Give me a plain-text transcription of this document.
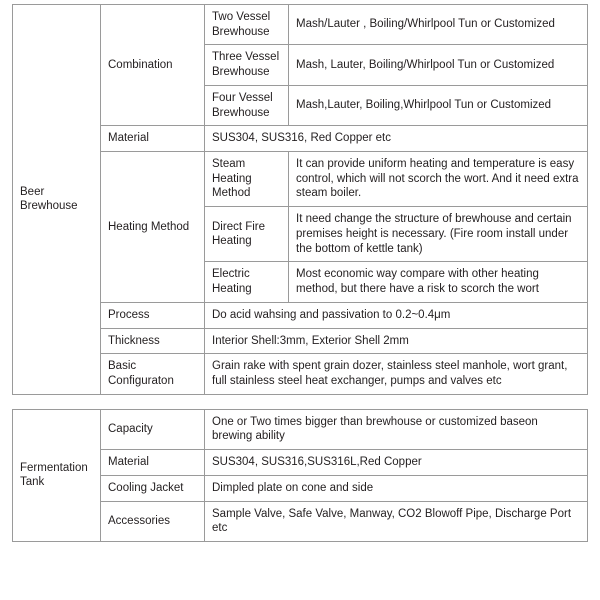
Beer Brewhouse	Combination	Two Vessel Brewhouse	Mash/Lauter , Boiling/Whirlpool Tun or Customized
		Three Vessel Brewhouse	Mash, Lauter, Boiling/Whirlpool Tun or Customized
		Four Vessel Brewhouse	Mash,Lauter, Boiling,Whirlpool Tun or Customized
	Material	SUS304, SUS316, Red Copper etc	
	Heating Method	Steam Heating Method	It can provide uniform heating and temperature is easy control, which will not scorch the wort. And it need extra steam boiler.
		Direct Fire Heating	It need change the structure of brewhouse and certain premises height is necessary. (Fire room install under the bottom of kettle tank)
		Electric Heating	Most economic way compare with other heating method, but there have a risk to scorch the wort
	Process	Do acid wahsing and passivation to 0.2~0.4μm	
	Thickness	Interior Shell:3mm, Exterior Shell 2mm	
	Basic Configuraton	Grain rake with spent grain dozer, stainless steel manhole, wort grant, full stainless steel heat exchanger, pumps and valves etc	
Fermentation Tank	Capacity	One or Two times bigger than brewhouse or customized baseon brewing ability
	Material	SUS304, SUS316,SUS316L,Red Copper
	Cooling Jacket	Dimpled plate on cone and side
	Accessories	Sample Valve, Safe Valve, Manway, CO2 Blowoff Pipe, Discharge Port etc
